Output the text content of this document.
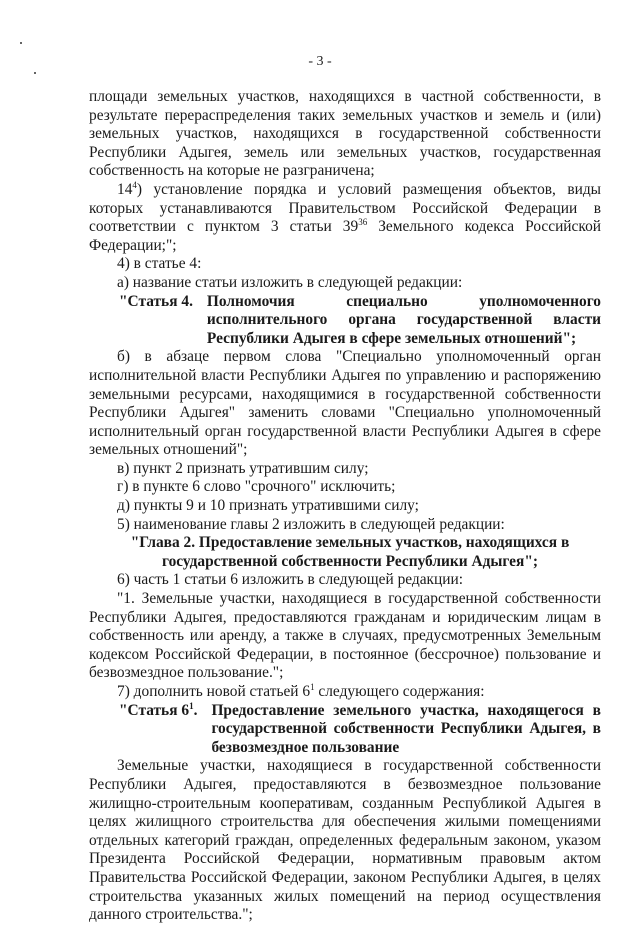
- 3 -

площади земельных участков, находящихся в частной собственности, в результате перераспределения таких земельных участков и земель и (или) земельных участков, находящихся в государственной собственности Республики Адыгея, земель или земельных участков, государственная собственность на которые не разграничена;

$14^4$) установление порядка и условий размещения объектов, виды которых устанавливаются Правительством Российской Федерации в соответствии с пунктом 3 статьи $39^{36}$ Земельного кодекса Российской Федерации;";

4) в статье 4:

а) название статьи изложить в следующей редакции:

"Статья 4. Полномочия специально уполномоченного исполнительного органа государственной власти Республики Адыгея в сфере земельных отношений";

б) в абзаце первом слова "Специально уполномоченный орган исполнительной власти Республики Адыгея по управлению и распоряжению земельными ресурсами, находящимися в государственной собственности Республики Адыгея" заменить словами "Специально уполномоченный исполнительный орган государственной власти Республики Адыгея в сфере земельных отношений";

в) пункт 2 признать утратившим силу;

г) в пункте 6 слово "срочного" исключить;

д) пункты 9 и 10 признать утратившими силу;

5) наименование главы 2 изложить в следующей редакции:

"Глава 2. Предоставление земельных участков, находящихся в государственной собственности Республики Адыгея";

6) часть 1 статьи 6 изложить в следующей редакции:

"1. Земельные участки, находящиеся в государственной собственности Республики Адыгея, предоставляются гражданам и юридическим лицам в собственность или аренду, а также в случаях, предусмотренных Земельным кодексом Российской Федерации, в постоянное (бессрочное) пользование и безвозмездное пользование.";

7) дополнить новой статьей $6^1$ следующего содержания:

"Статья $6^1$. Предоставление земельного участка, находящегося в государственной собственности Республики Адыгея, в безвозмездное пользование

Земельные участки, находящиеся в государственной собственности Республики Адыгея, предоставляются в безвозмездное пользование жилищно-строительным кооперативам, созданным Республикой Адыгея в целях жилищного строительства для обеспечения жилыми помещениями отдельных категорий граждан, определенных федеральным законом, указом Президента Российской Федерации, нормативным правовым актом Правительства Российской Федерации, законом Республики Адыгея, в целях строительства указанных жилых помещений на период осуществления данного строительства.";
